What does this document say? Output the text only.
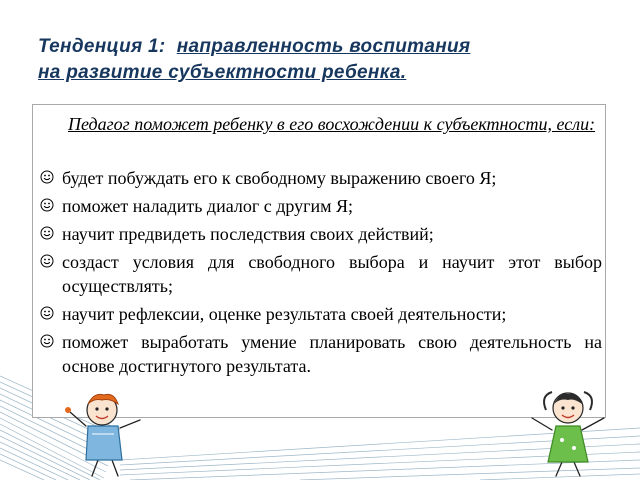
Тенденция 1: направленность воспитания
на развитие субъектности ребенка.
Педагог поможет ребенку в его восхождении к субъектности, если:
будет побуждать его к свободному выражению своего Я;
поможет наладить диалог с другим Я;
научит предвидеть последствия своих действий;
создаст условия для свободного выбора и научит этот выбор осуществлять;
научит рефлексии, оценке результата своей деятельности;
поможет выработать умение планировать свою деятельность на основе достигнутого результата.
